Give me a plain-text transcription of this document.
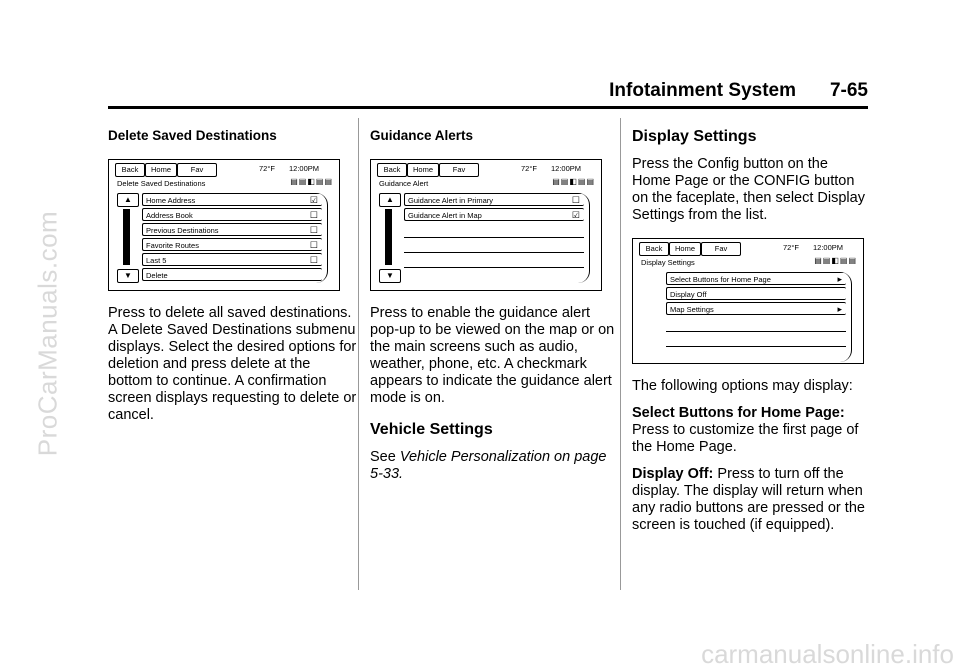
ProCarManuals.com
Infotainment System 7-65
Delete Saved Destinations
Back	Home	Fav	72°F 12:00PM
Delete Saved Destinations	▤▤◧▤▤
▲
▼
Home Address	☑
Address Book	☐
Previous Destinations	☐
Favorite Routes	☐
Last 5	☐
Delete

Press to delete all saved destinations. A Delete Saved Destinations submenu displays. Select the desired options for deletion and press delete at the bottom to continue. A confirmation screen displays requesting to delete or cancel.

Guidance Alerts
Back	Home	Fav	72°F 12:00PM
Guidance Alert	▤▤◧▤▤
▲
▼
Guidance Alert in Primary	☐
Guidance Alert in Map	☑

Press to enable the guidance alert pop-up to be viewed on the map or on the main screens such as audio, weather, phone, etc. A checkmark appears to indicate the guidance alert mode is on.

Vehicle Settings

See Vehicle Personalization on page 5-33.

Display Settings

Press the Config button on the Home Page or the CONFIG button on the faceplate, then select Display Settings from the list.

Back	Home	Fav	72°F 12:00PM
Display Settings	▤▤◧▤▤
Select Buttons for Home Page	▸
Display Off
Map Settings	▸

The following options may display:

Select Buttons for Home Page: Press to customize the first page of the Home Page.

Display Off: Press to turn off the display. The display will return when any radio buttons are pressed or the screen is touched (if equipped).

carmanualsonline.info
